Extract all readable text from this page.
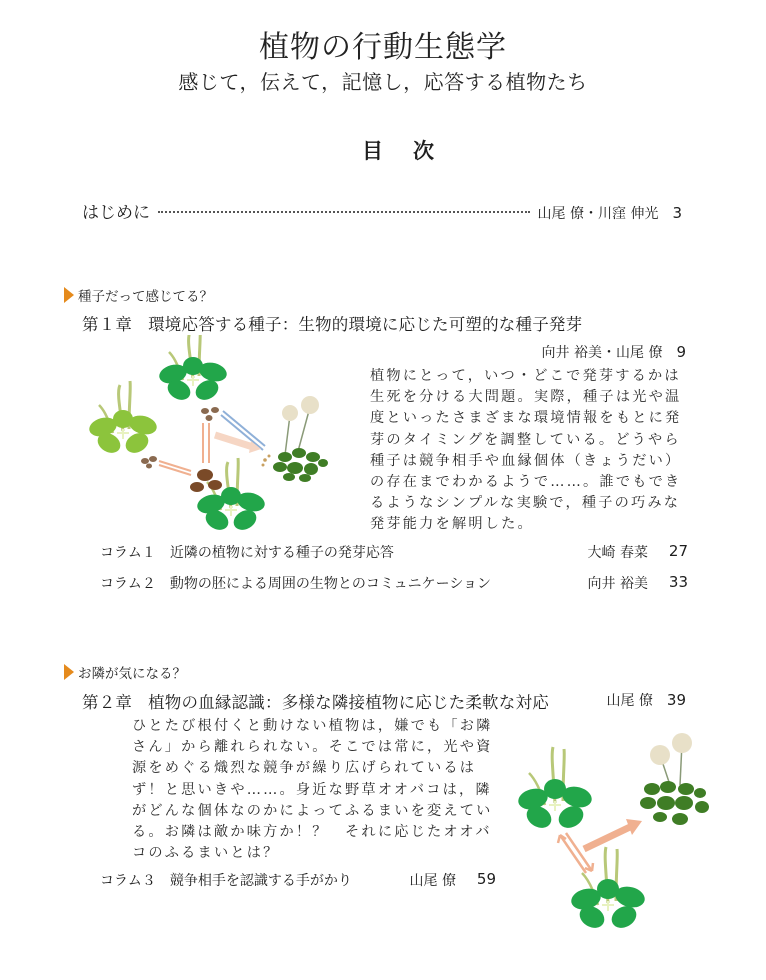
植物の行動生態学
感じて，伝えて，記憶し，応答する植物たち
目次
はじめに	山尾 僚・川窪 伸光 3
種子だって感じてる？
第１章 環境応答する種子：生物的環境に応じた可塑的な種子発芽
向井 裕美・山尾 僚 9
植物にとって，いつ・どこで発芽するかは生死を分ける大問題。実際，種子は光や温度といったさまざまな環境情報をもとに発芽のタイミングを調整している。どうやら種子は競争相手や血縁個体（きょうだい）の存在までわかるようで……。誰でもできるようなシンプルな実験で，種子の巧みな発芽能力を解明した。
コラム１ 近隣の植物に対する種子の発芽応答	大崎 春菜	27
コラム２ 動物の胚による周囲の生物とのコミュニケーション	向井 裕美	33
お隣が気になる？
第２章 植物の血縁認識：多様な隣接植物に応じた柔軟な対応	山尾 僚 39
ひとたび根付くと動けない植物は，嫌でも「お隣さん」から離れられない。そこでは常に，光や資源をめぐる熾烈な競争が繰り広げられているはず！と思いきや……。身近な野草オオバコは，隣がどんな個体なのかによってふるまいを変えている。お隣は敵か味方か！？　それに応じたオオバコのふるまいとは？
コラム３ 競争相手を認識する手がかり	山尾 僚	59
